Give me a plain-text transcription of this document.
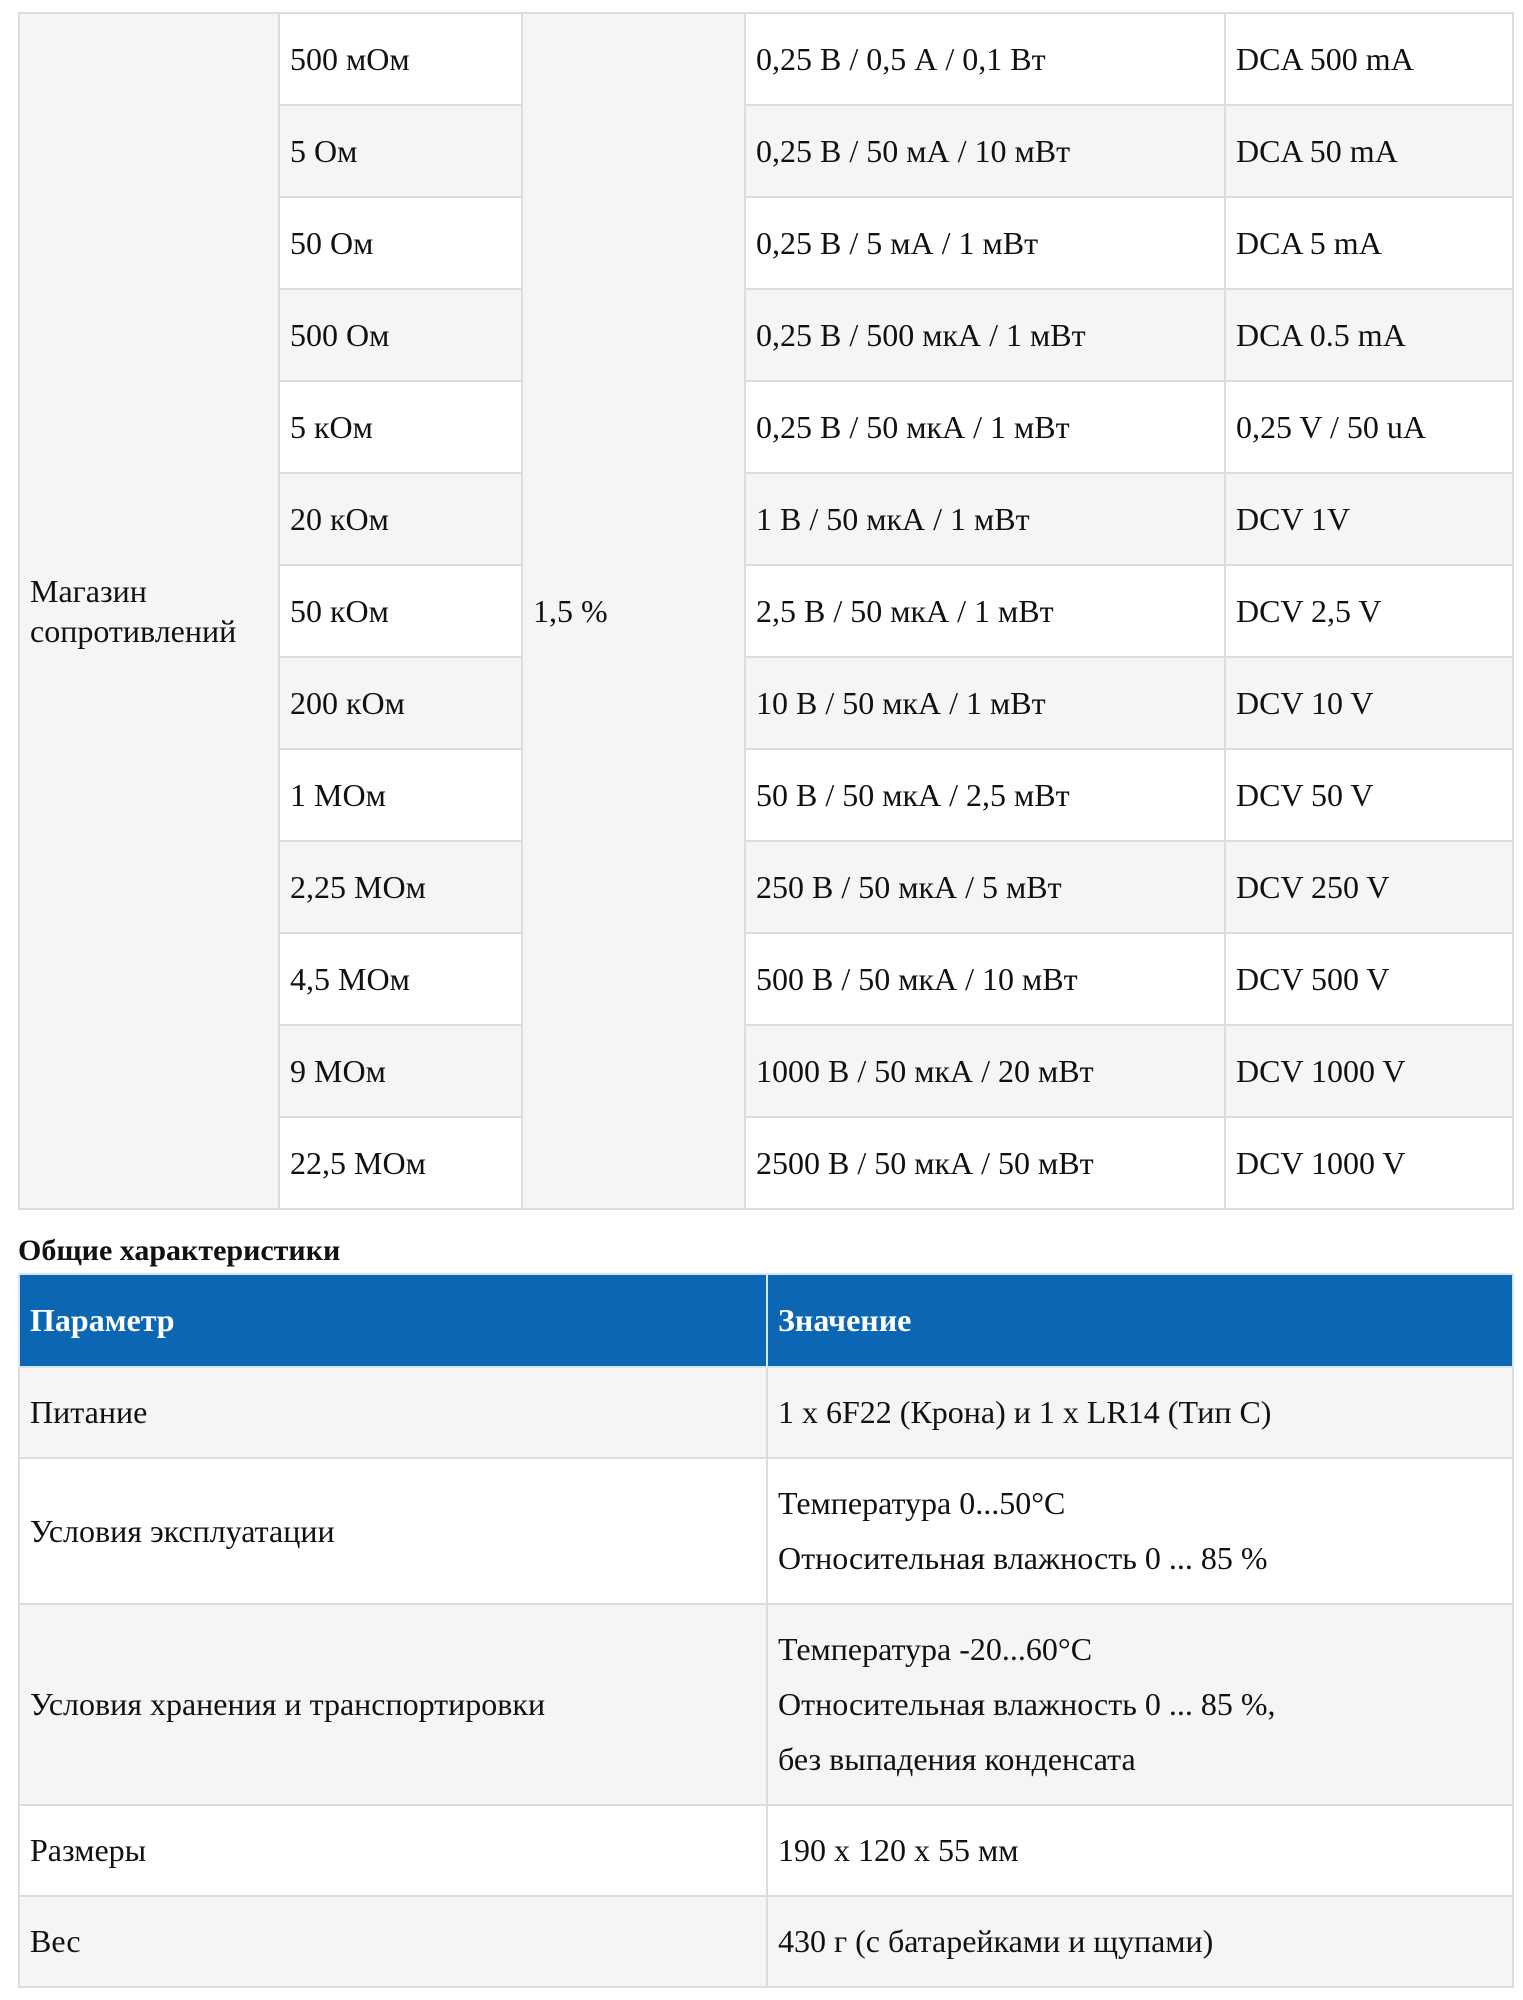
Магазин сопротивлений	500 мОм	1,5 %	0,25 В / 0,5 А / 0,1 Вт	DCA 500 mA
	5 Ом		0,25 В / 50 мА / 10 мВт	DCA 50 mA
	50 Ом		0,25 В / 5 мА / 1 мВт	DCA 5 mA
	500 Ом		0,25 В / 500 мкА / 1 мВт	DCA 0.5 mA
	5 кОм		0,25 В / 50 мкА / 1 мВт	0,25 V / 50 uA
	20 кОм		1 В / 50 мкА / 1 мВт	DCV 1V
	50 кОм		2,5 В / 50 мкА / 1 мВт	DCV 2,5 V
	200 кОм		10 В / 50 мкА / 1 мВт	DCV 10 V
	1 МОм		50 В / 50 мкА / 2,5 мВт	DCV 50 V
	2,25 МОм		250 В / 50 мкА / 5 мВт	DCV 250 V
	4,5 МОм		500 В / 50 мкА / 10 мВт	DCV 500 V
	9 МОм		1000 В / 50 мкА / 20 мВт	DCV 1000 V
	22,5 МОм		2500 В / 50 мкА / 50 мВт	DCV 1000 V
Общие характеристики
Параметр	Значение
Питание	1 x 6F22 (Крона) и 1 x LR14 (Тип C)

Условия эксплуатации	Температура 0...50°C
Относительная влажность 0 ... 85 %

Условия хранения и транспортировки	Температура -20...60°C
Относительная влажность 0 ... 85 %,
без выпадения конденсата

Размеры	190 x 120 x 55 мм

Вес	430 г (с батарейками и щупами)
